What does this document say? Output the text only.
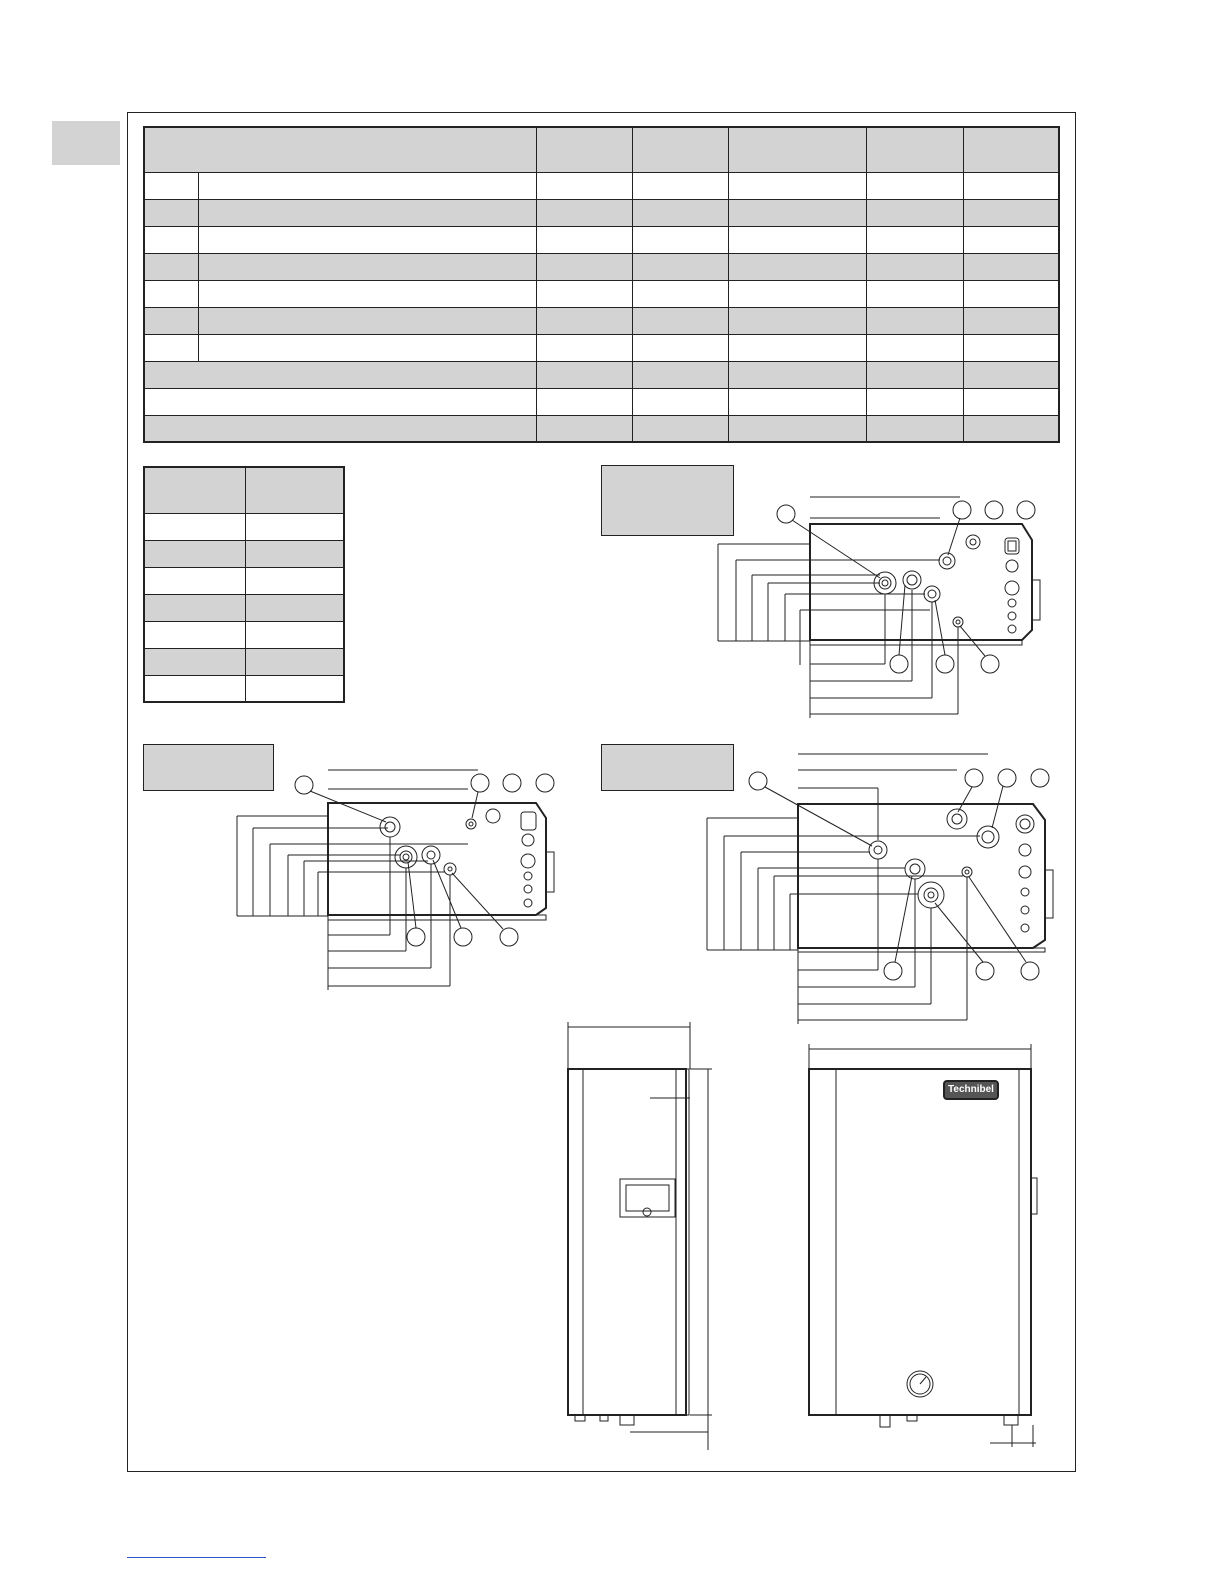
Technibel
